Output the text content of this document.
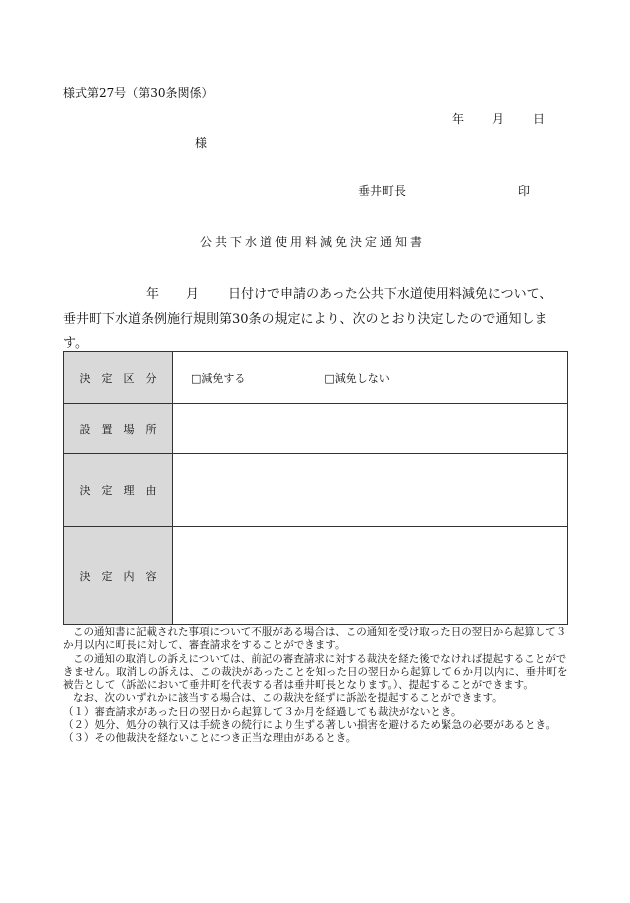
様式第27号（第30条関係）
年 月 日
様
垂井町長	印
公共下水道使用料減免決定通知書
年 月 日付けで申請のあった公共下水道使用料減免について、
垂井町下水道条例施行規則第30条の規定により、次のとおり決定したので通知しま
す。
決　定　区　分	□減免する □減免しない
設　置　場　所	
決　定　理　由	
決　定　内　容	

この通知書に記載された事項について不服がある場合は、この通知を受け取った日の翌日から起算して３か月以内に町長に対して、審査請求をすることができます。

この通知の取消しの訴えについては、前記の審査請求に対する裁決を経た後でなければ提起することができません。取消しの訴えは、この裁決があったことを知った日の翌日から起算して６か月以内に、垂井町を被告として（訴訟において垂井町を代表する者は垂井町長となります。）、提起することができます。

なお、次のいずれかに該当する場合は、この裁決を経ずに訴訟を提起することができます。

（１）審査請求があった日の翌日から起算して３か月を経過しても裁決がないとき。

（２）処分、処分の執行又は手続きの続行により生ずる著しい損害を避けるため緊急の必要があるとき。

（３）その他裁決を経ないことにつき正当な理由があるとき。
